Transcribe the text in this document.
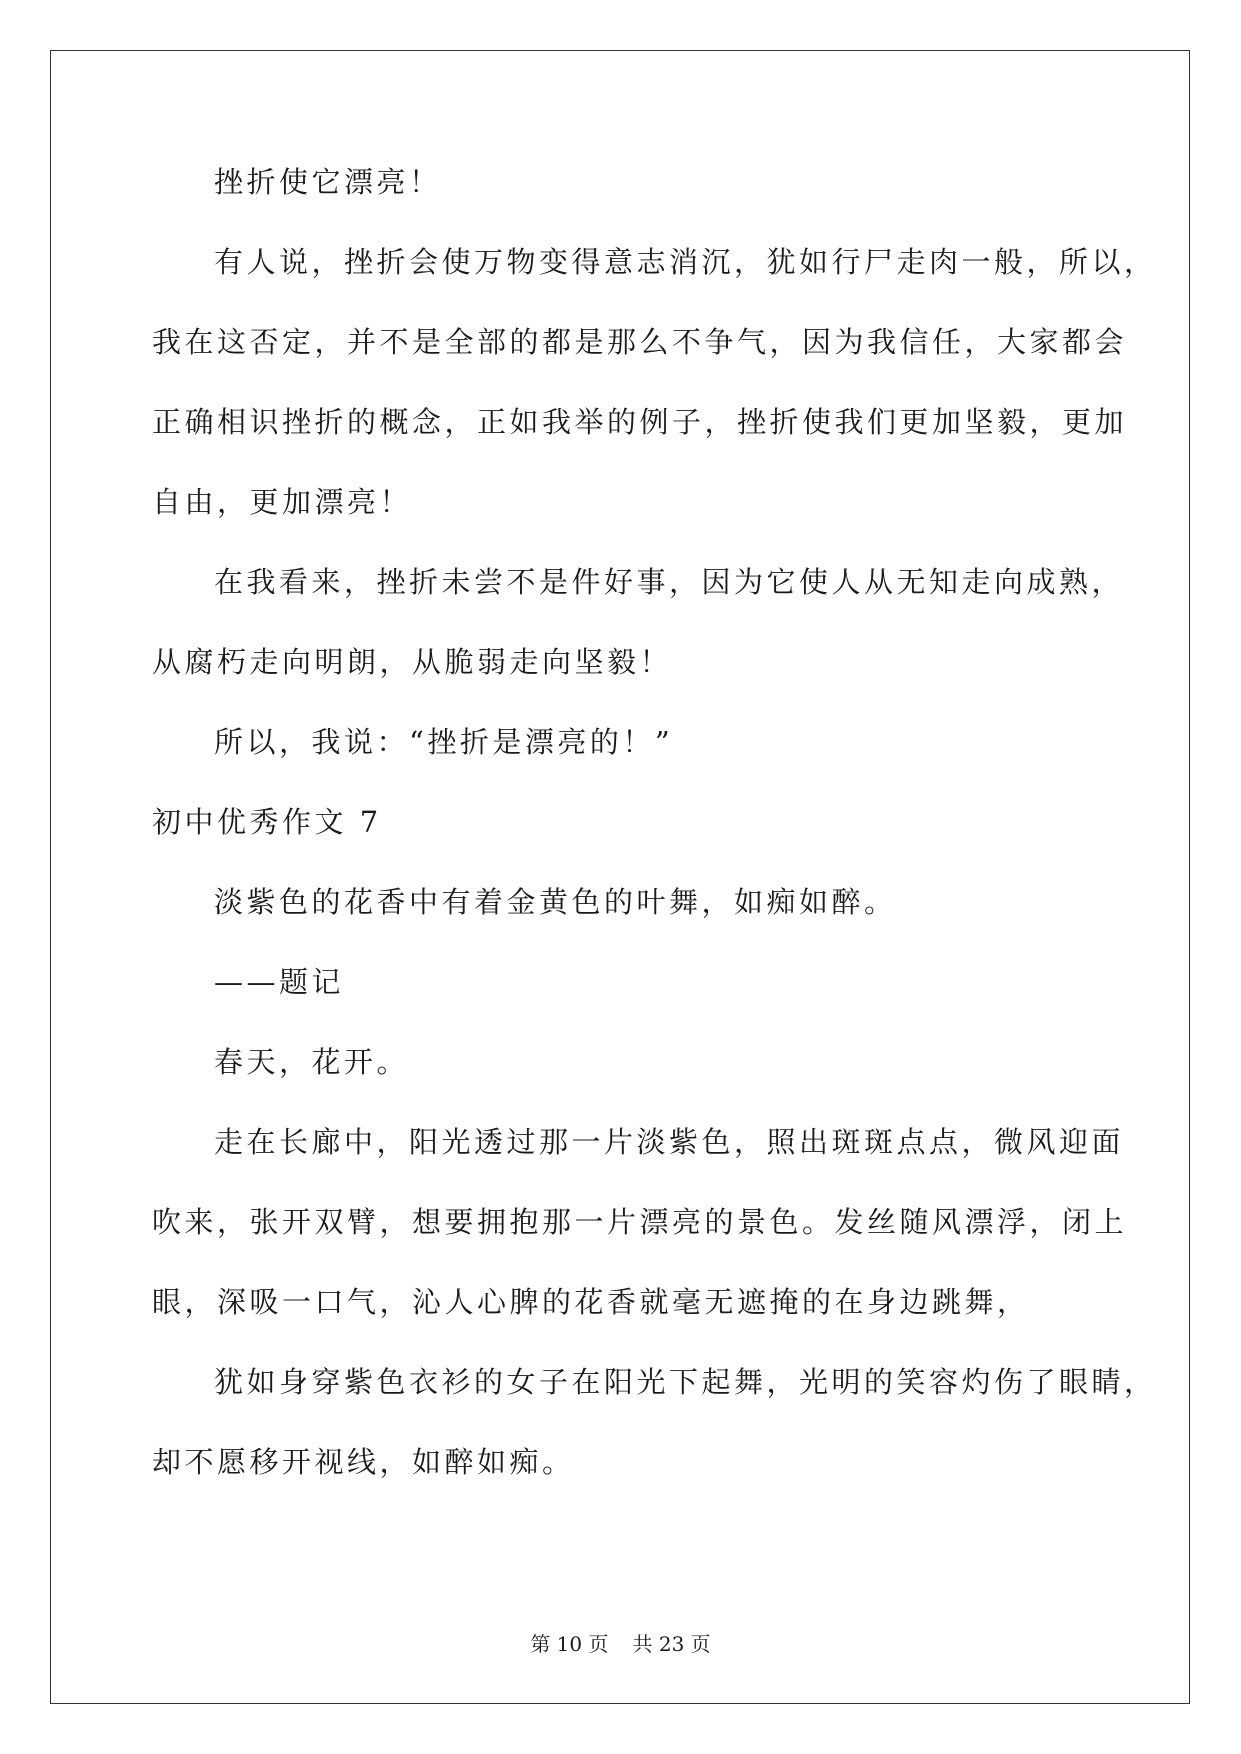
挫折使它漂亮！
有人说，挫折会使万物变得意志消沉，犹如行尸走肉一般，所以，
我在这否定，并不是全部的都是那么不争气，因为我信任，大家都会
正确相识挫折的概念，正如我举的例子，挫折使我们更加坚毅，更加
自由，更加漂亮！
在我看来，挫折未尝不是件好事，因为它使人从无知走向成熟，
从腐朽走向明朗，从脆弱走向坚毅！
所以，我说：“挫折是漂亮的！”
初中优秀作文 7
淡紫色的花香中有着金黄色的叶舞，如痴如醉。
——题记
春天，花开。
走在长廊中，阳光透过那一片淡紫色，照出斑斑点点，微风迎面
吹来，张开双臂，想要拥抱那一片漂亮的景色。发丝随风漂浮，闭上
眼，深吸一口气，沁人心脾的花香就毫无遮掩的在身边跳舞，
犹如身穿紫色衣衫的女子在阳光下起舞，光明的笑容灼伤了眼睛，
却不愿移开视线，如醉如痴。
第 10 页 共 23 页
